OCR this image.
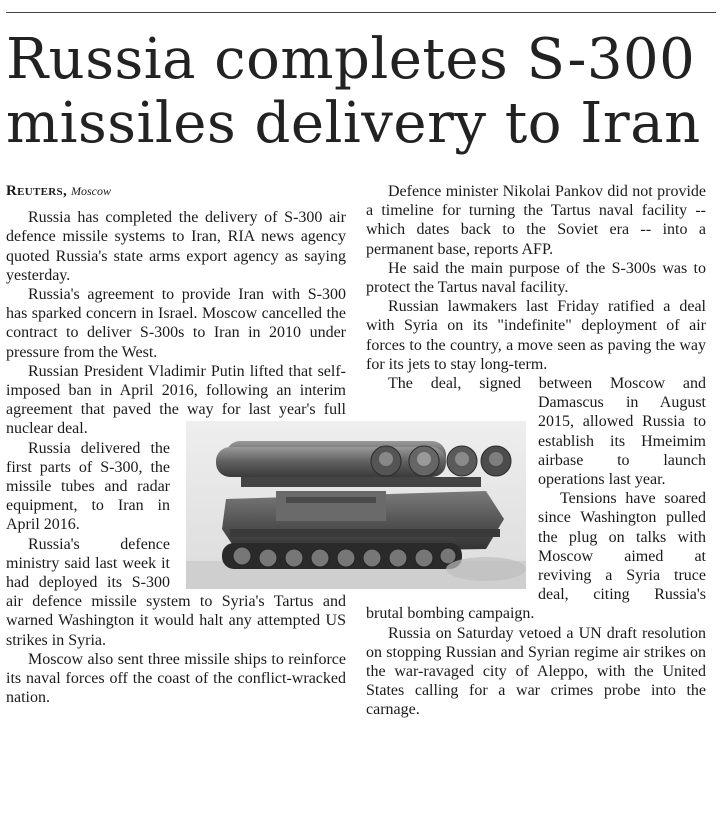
Russia completes S-300
missiles delivery to Iran
Reuters, Moscow

Russia has completed the delivery of S-300 air defence missile systems to Iran, RIA news agency quoted Russia's state arms export agency as saying yesterday.

Russia's agreement to provide Iran with S-300 has sparked concern in Israel. Moscow cancelled the contract to deliver S-300s to Iran in 2010 under pressure from the West.

Russian President Vladimir Putin lifted that self-imposed ban in April 2016, following an interim agreement that paved the way for last year's full nuclear deal.

Russia delivered the first parts of S-300, the missile tubes and radar equipment, to Iran in April 2016.

Russia's defence ministry said last week it had deployed its S-300 air defence missile system to Syria's Tartus and warned Washington it would halt any attempted US strikes in Syria.

Moscow also sent three missile ships to reinforce its naval forces off the coast of the conflict-wracked nation.

Defence minister Nikolai Pankov did not provide a timeline for turning the Tartus naval facility -- which dates back to the Soviet era -- into a permanent base, reports AFP.

He said the main purpose of the S-300s was to protect the Tartus naval facility.

Russian lawmakers last Friday ratified a deal with Syria on its "indefinite" deployment of air forces to the country, a move seen as paving the way for its jets to stay long-term.

The deal, signed between Moscow and Damascus in August 2015, allowed Russia to establish its Hmeimim airbase to launch operations last year.

Tensions have soared since Washington pulled the plug on talks with Moscow aimed at reviving a Syria truce deal, citing Russia's brutal bombing campaign.

Russia on Saturday vetoed a UN draft resolution on stopping Russian and Syrian regime air strikes on the war-ravaged city of Aleppo, with the United States calling for a war crimes probe into the carnage.
